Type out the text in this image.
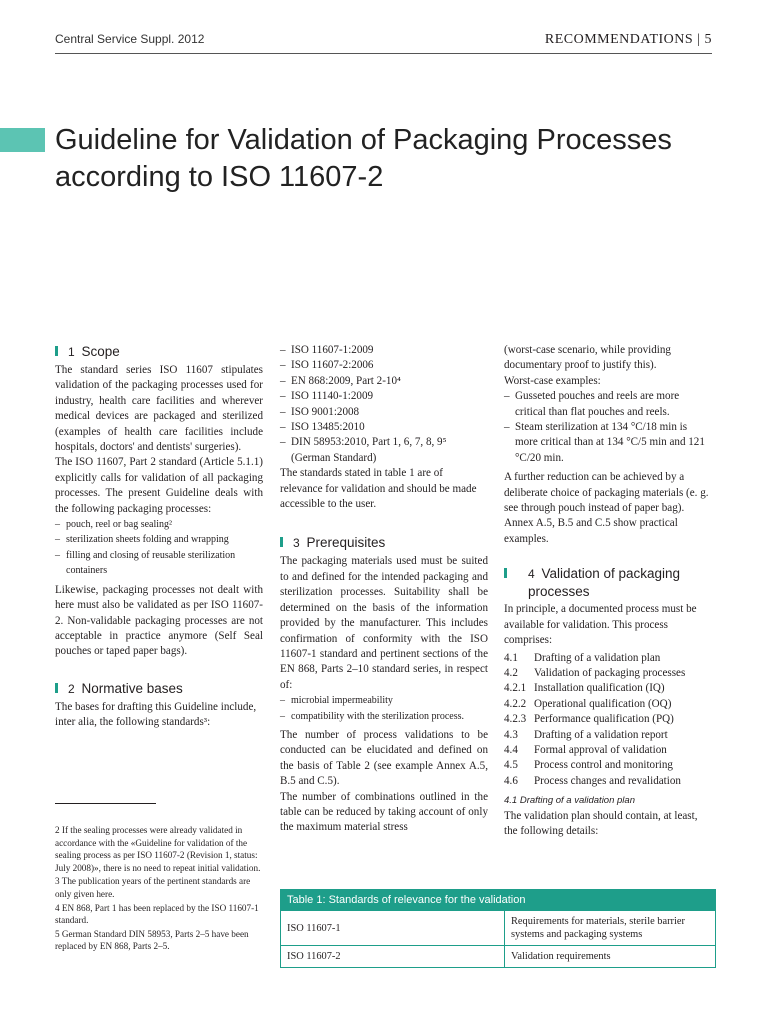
Central Service Suppl. 2012	RECOMMENDATIONS | 5
Guideline for Validation of Packaging Processes according to ISO 11607-2
1 Scope

The standard series ISO 11607 stipulates validation of the packaging processes used for industry, health care facilities and wherever medical devices are packaged and sterilized (examples of health care facilities include hospitals, doctors' and dentists' surgeries).

The ISO 11607, Part 2 standard (Article 5.1.1) explicitly calls for validation of all packaging processes. The present Guideline deals with the following packaging processes:

– pouch, reel or bag sealing²
– sterilization sheets folding and wrapping
– filling and closing of reusable sterilization containers

Likewise, packaging processes not dealt with here must also be validated as per ISO 11607-2. Non-validable packaging processes are not acceptable in practice anymore (Self Seal pouches or taped paper bags).

2 Normative bases

The bases for drafting this Guideline include, inter alia, the following standards³:

– ISO 11607-1:2009
– ISO 11607-2:2006
– EN 868:2009, Part 2-10⁴
– ISO 11140-1:2009
– ISO 9001:2008
– ISO 13485:2010
– DIN 58953:2010, Part 1, 6, 7, 8, 9⁵ (German Standard)

The standards stated in table 1 are of relevance for validation and should be made accessible to the user.

3 Prerequisites

The packaging materials used must be suited to and defined for the intended packaging and sterilization processes. Suitability shall be determined on the basis of the information provided by the manufacturer. This includes confirmation of conformity with the ISO 11607-1 standard and pertinent sections of the EN 868, Parts 2–10 standard series, in respect of:

– microbial impermeability
– compatibility with the sterilization process.

The number of process validations to be conducted can be elucidated and defined on the basis of Table 2 (see example Annex A.5, B.5 and C.5).

The number of combinations outlined in the table can be reduced by taking account of only the maximum material stress

(worst-case scenario, while providing documentary proof to justify this).

Worst-case examples:

– Gusseted pouches and reels are more critical than flat pouches and reels.
– Steam sterilization at 134 °C/18 min is more critical than at 134 °C/5 min and 121 °C/20 min.

A further reduction can be achieved by a deliberate choice of packaging materials (e. g. see through pouch instead of paper bag).

Annex A.5, B.5 and C.5 show practical examples.

4 Validation of packaging processes

In principle, a documented process must be available for validation. This process comprises:

4.1 Drafting of a validation plan
4.2 Validation of packaging processes
4.2.1 Installation qualification (IQ)
4.2.2 Operational qualification (OQ)
4.2.3 Performance qualification (PQ)
4.3 Drafting of a validation report
4.4 Formal approval of validation
4.5 Process control and monitoring
4.6 Process changes and revalidation
4.1 Drafting of a validation plan

The validation plan should contain, at least, the following details:

2 If the sealing processes were already validated in accordance with the «Guideline for validation of the sealing process as per ISO 11607-2 (Revision 1, status: July 2008)», there is no need to repeat initial validation.

3 The publication years of the pertinent standards are only given here.

4 EN 868, Part 1 has been replaced by the ISO 11607-1 standard.

5 German Standard DIN 58953, Parts 2–5 have been replaced by EN 868, Parts 2–5.

Table 1: Standards of relevance for the validation
ISO 11607-1	Requirements for materials, sterile barrier systems and packaging systems
ISO 11607-2	Validation requirements
